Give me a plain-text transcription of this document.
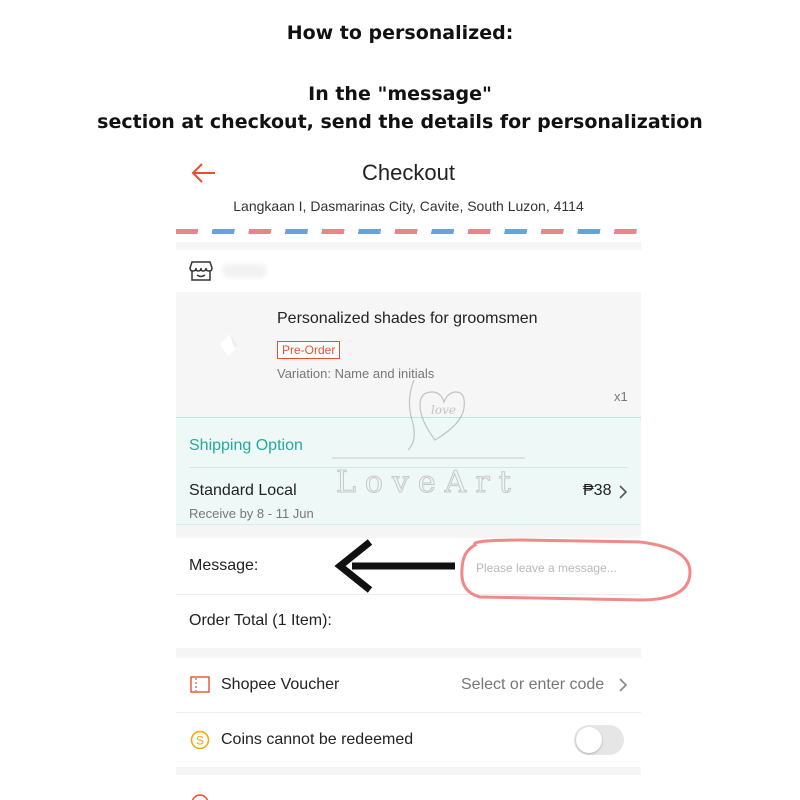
How to personalized:
In the "message"
section at checkout, send the details for personalization
Checkout
Langkaan I, Dasmarinas City, Cavite, South Luzon, 4114
Personalized shades for groomsmen
Pre-Order
Variation: Name and initials
x1
Shipping Option
Standard Local
Receive by 8 - 11 Jun
₱38
Message:
Please leave a message...
Order Total (1 Item):
Shopee Voucher	Select or enter code
S Coins cannot be redeemed
love
LoveArt
